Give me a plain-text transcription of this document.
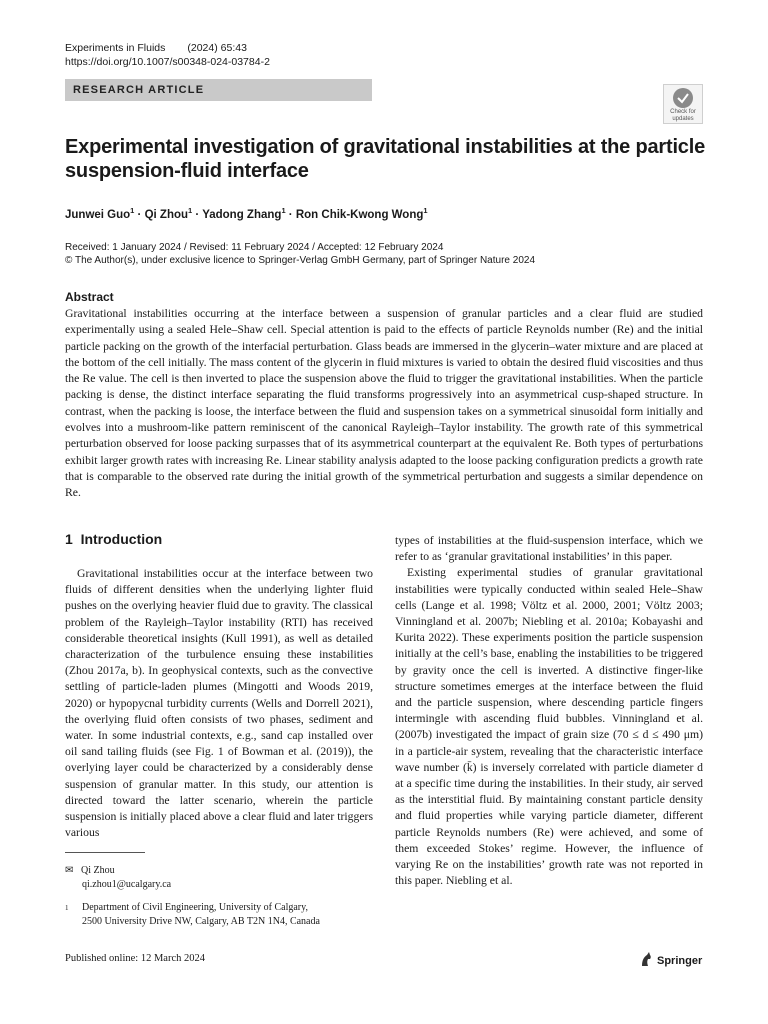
Experiments in Fluids (2024) 65:43
https://doi.org/10.1007/s00348-024-03784-2
RESEARCH ARTICLE
Check for
updates
Experimental investigation of gravitational instabilities at the particle suspension-fluid interface
Junwei Guo$^1$ · Qi Zhou$^1$ · Yadong Zhang$^1$ · Ron Chik-Kwong Wong$^1$
Received: 1 January 2024 / Revised: 11 February 2024 / Accepted: 12 February 2024
© The Author(s), under exclusive licence to Springer-Verlag GmbH Germany, part of Springer Nature 2024
Abstract

Gravitational instabilities occurring at the interface between a suspension of granular particles and a clear fluid are studied experimentally using a sealed Hele–Shaw cell. Special attention is paid to the effects of particle Reynolds number (Re) and the initial particle packing on the growth of the interfacial perturbation. Glass beads are immersed in the glycerin–water mixture and are placed at the bottom of the cell initially. The mass content of the glycerin in fluid mixtures is varied to obtain the desired fluid viscosities and thus the Re value. The cell is then inverted to place the suspension above the fluid to trigger the gravitational instabilities. When the particle packing is dense, the distinct interface separating the fluid transforms progressively into an asymmetrical cusp-shaped structure. In contrast, when the packing is loose, the interface between the fluid and suspension takes on a symmetrical sinusoidal form initially and evolves into a mushroom-like pattern reminiscent of the canonical Rayleigh–Taylor instability. The growth rate of this symmetrical perturbation observed for loose packing surpasses that of its asymmetrical counterpart at the equivalent Re. Both types of perturbations exhibit larger growth rates with increasing Re. Linear stability analysis adapted to the loose packing configuration predicts a growth rate that is comparable to the observed rate during the initial growth of the symmetrical perturbation and suggests a similar dependence on Re.

1 Introduction

Gravitational instabilities occur at the interface between two fluids of different densities when the underlying lighter fluid pushes on the overlying heavier fluid due to gravity. The classical problem of the Rayleigh–Taylor instability (RTI) has received considerable theoretical insights (Kull 1991), as well as detailed characterization of the turbulence ensuing these instabilities (Zhou 2017a, b). In geophysical contexts, such as the convective settling of particle-laden plumes (Mingotti and Woods 2019, 2020) or hypopycnal turbidity currents (Wells and Dorrell 2021), the overlying fluid often consists of two phases, sediment and water. In some industrial contexts, e.g., sand cap installed over oil sand tailing fluids (see Fig. 1 of Bowman et al. (2019)), the overlying layer could be characterized by a considerably dense suspension of granular matter. In this study, our attention is directed toward the latter scenario, wherein the particle suspension is initially placed above a clear fluid and later triggers various

types of instabilities at the fluid-suspension interface, which we refer to as ‘granular gravitational instabilities’ in this paper.

Existing experimental studies of granular gravitational instabilities were typically conducted within sealed Hele–Shaw cells (Lange et al. 1998; Völtz et al. 2000, 2001; Völtz 2003; Vinningland et al. 2007b; Niebling et al. 2010a; Kobayashi and Kurita 2022). These experiments position the particle suspension initially at the cell’s base, enabling the instabilities to be triggered by gravity once the cell is inverted. A distinctive finger-like structure sometimes emerges at the interface between the fluid and the particle suspension, where descending particle fingers intermingle with ascending fluid bubbles. Vinningland et al. (2007b) investigated the impact of grain size (70 ≤ d ≤ 490 μm) in a particle-air system, revealing that the characteristic interface wave number (k̄) is inversely correlated with particle diameter d at a specific time during the instabilities. In their study, air served as the interstitial fluid. By maintaining constant particle density and fluid properties while varying particle diameter, different particle Reynolds numbers (Re) were achieved, and some of them exceeded Stokes’ regime. However, the influence of varying Re on the instabilities’ growth rate was not reported in this paper. Niebling et al.

✉ Qi Zhou
qi.zhou1@ucalgary.ca
1 Department of Civil Engineering, University of Calgary,
2500 University Drive NW, Calgary, AB T2N 1N4, Canada
Published online: 12 March 2024	Springer
